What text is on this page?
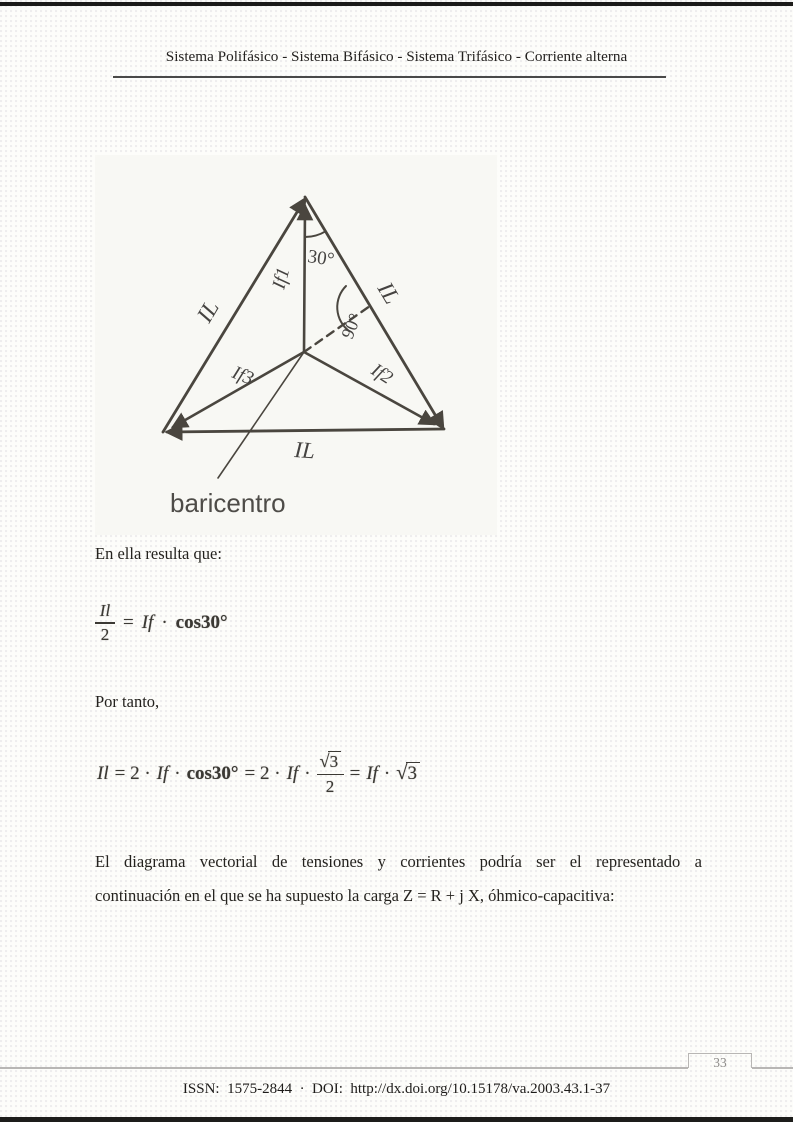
Sistema Polifásico - Sistema Bifásico - Sistema Trifásico - Corriente alterna
IL
IL
IL
If1
If2
If3
30°
90°
baricentro

En ella resulta que:

$\frac{Il}{2} = If \cdot \cos 30^\circ$

Por tanto,

$Il = 2 \cdot If \cdot \cos 30^\circ = 2 \cdot If \cdot \frac{√ 3}{2} = If$ · √ 3
El diagrama vectorial de tensiones y corrientes podría ser el representado a
continuación en el que se ha supuesto la carga Z = R + j X, óhmico-capacitiva:
33
ISSN:  1575-2844  ·  DOI:  http://dx.doi.org/10.15178/va.2003.43.1-37
